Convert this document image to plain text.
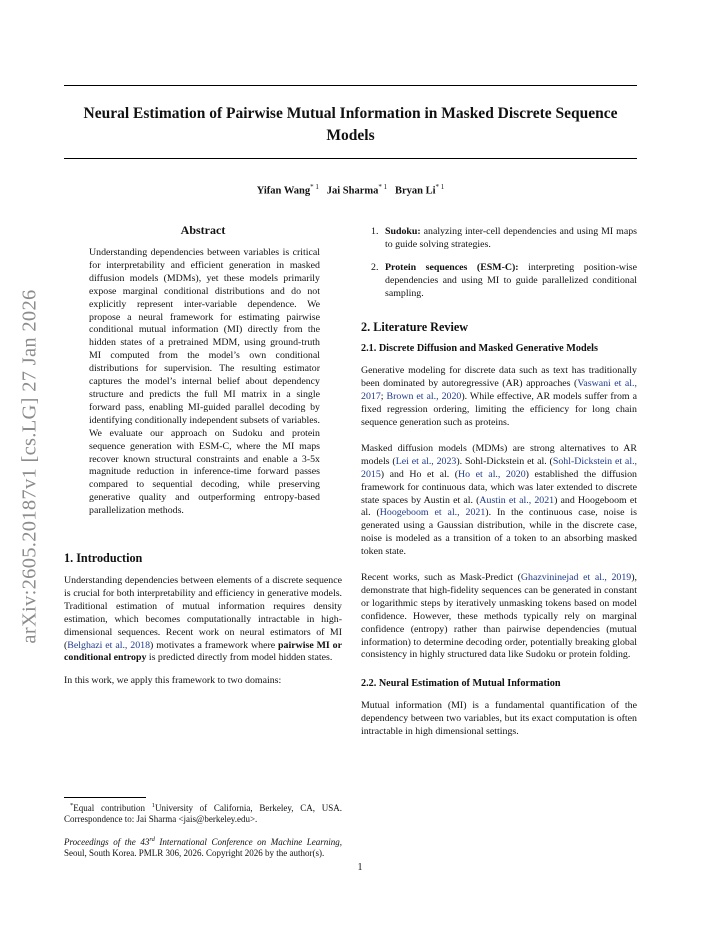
Neural Estimation of Pairwise Mutual Information in Masked Discrete Sequence Models
Yifan Wang$^{* 1}$ Jai Sharma$^{* 1}$ Bryan Li$^{* 1}$
arXiv:2605.20187v1 [cs.LG] 27 Jan 2026
Abstract

Understanding dependencies between variables is critical for interpretability and efficient generation in masked diffusion models (MDMs), yet these models primarily expose marginal conditional distributions and do not explicitly represent inter-variable dependence. We propose a neural framework for estimating pairwise conditional mutual information (MI) directly from the hidden states of a pretrained MDM, using ground-truth MI computed from the model’s own conditional distributions for supervision. The resulting estimator captures the model’s internal belief about dependency structure and predicts the full MI matrix in a single forward pass, enabling MI-guided parallel decoding by identifying conditionally independent subsets of variables. We evaluate our approach on Sudoku and protein sequence generation with ESM-C, where the MI maps recover known structural constraints and enable a 3-5x magnitude reduction in inference-time forward passes compared to sequential decoding, while preserving generative quality and outperforming entropy-based parallelization methods.

1. Introduction

Understanding dependencies between elements of a discrete sequence is crucial for both interpretability and efficiency in generative models. Traditional estimation of mutual information requires density estimation, which becomes computationally intractable in high-dimensional sequences. Recent work on neural estimators of MI (Belghazi et al., 2018) motivates a framework where pairwise MI or conditional entropy is predicted directly from model hidden states.

In this work, we apply this framework to two domains:

*Equal contribution $^1$University of California, Berkeley, CA, USA. Correspondence to: Jai Sharma <jais@berkeley.edu>.

Proceedings of the 43rd International Conference on Machine Learning, Seoul, South Korea. PMLR 306, 2026. Copyright 2026 by the author(s).

1. Sudoku: analyzing inter-cell dependencies and using MI maps to guide solving strategies.
2. Protein sequences (ESM-C): interpreting position-wise dependencies and using MI to guide parallelized conditional sampling.
2. Literature Review
2.1. Discrete Diffusion and Masked Generative Models

Generative modeling for discrete data such as text has traditionally been dominated by autoregressive (AR) approaches (Vaswani et al., 2017; Brown et al., 2020). While effective, AR models suffer from a fixed regression ordering, limiting the efficiency for long chain sequence generation such as proteins.

Masked diffusion models (MDMs) are strong alternatives to AR models (Lei et al., 2023). Sohl-Dickstein et al. (Sohl-Dickstein et al., 2015) and Ho et al. (Ho et al., 2020) established the diffusion framework for continuous data, which was later extended to discrete state spaces by Austin et al. (Austin et al., 2021) and Hoogeboom et al. (Hoogeboom et al., 2021). In the continuous case, noise is generated using a Gaussian distribution, while in the discrete case, noise is modeled as a transition of a token to an absorbing masked token state.

Recent works, such as Mask-Predict (Ghazvininejad et al., 2019), demonstrate that high-fidelity sequences can be generated in constant or logarithmic steps by iteratively unmasking tokens based on model confidence. However, these methods typically rely on marginal confidence (entropy) rather than pairwise dependencies (mutual information) to determine decoding order, potentially breaking global consistency in highly structured data like Sudoku or protein folding.

2.2. Neural Estimation of Mutual Information

Mutual information (MI) is a fundamental quantification of the dependency between two variables, but its exact computation is often intractable in high dimensional settings.

1
